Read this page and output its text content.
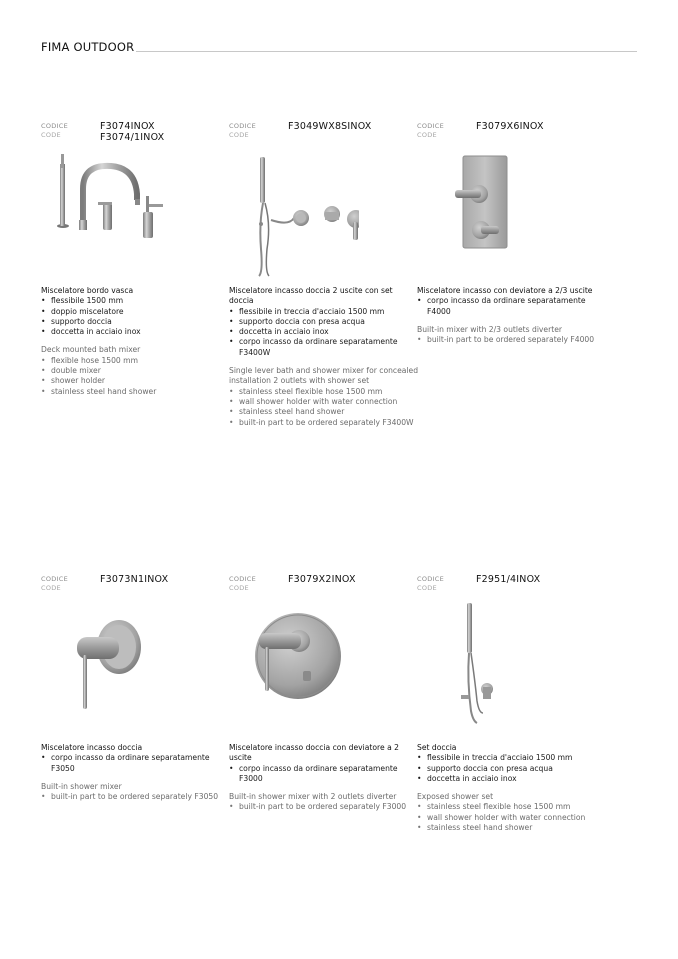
FIMA OUTDOOR
CODICE
CODE
F3074INOX
F3074/1INOX
Miscelatore bordo vasca
• flessibile 1500 mm
• doppio miscelatore
• supporto doccia
• doccetta in acciaio inox
Deck mounted bath mixer
• flexible hose 1500 mm
• double mixer
• shower holder
• stainless steel hand shower
CODICE
CODE
F3049WX8SINOX
Miscelatore incasso doccia 2 uscite con set doccia
• flessibile in treccia d'acciaio 1500 mm
• supporto doccia con presa acqua
• doccetta in acciaio inox
• corpo incasso da ordinare separatamente F3400W
Single lever bath and shower mixer for concealed installation 2 outlets with shower set
• stainless steel flexible hose 1500 mm
• wall shower holder with water connection
• stainless steel hand shower
• built-in part to be ordered separately F3400W
CODICE
CODE
F3079X6INOX
Miscelatore incasso con deviatore a 2/3 uscite
• corpo incasso da ordinare separatamente F4000
Built-in mixer with 2/3 outlets diverter
• built-in part to be ordered separately F4000
CODICE
CODE
F3073N1INOX
Miscelatore incasso doccia
• corpo incasso da ordinare separatamente F3050
Built-in shower mixer
• built-in part to be ordered separately F3050
CODICE
CODE
F3079X2INOX
Miscelatore incasso doccia con deviatore a 2 uscite
• corpo incasso da ordinare separatamente F3000
Built-in shower mixer with 2 outlets diverter
• built-in part to be ordered separately F3000
CODICE
CODE
F2951/4INOX
Set doccia
• flessibile in treccia d'acciaio 1500 mm
• supporto doccia con presa acqua
• doccetta in acciaio inox
Exposed shower set
• stainless steel flexible hose 1500 mm
• wall shower holder with water connection
• stainless steel hand shower
